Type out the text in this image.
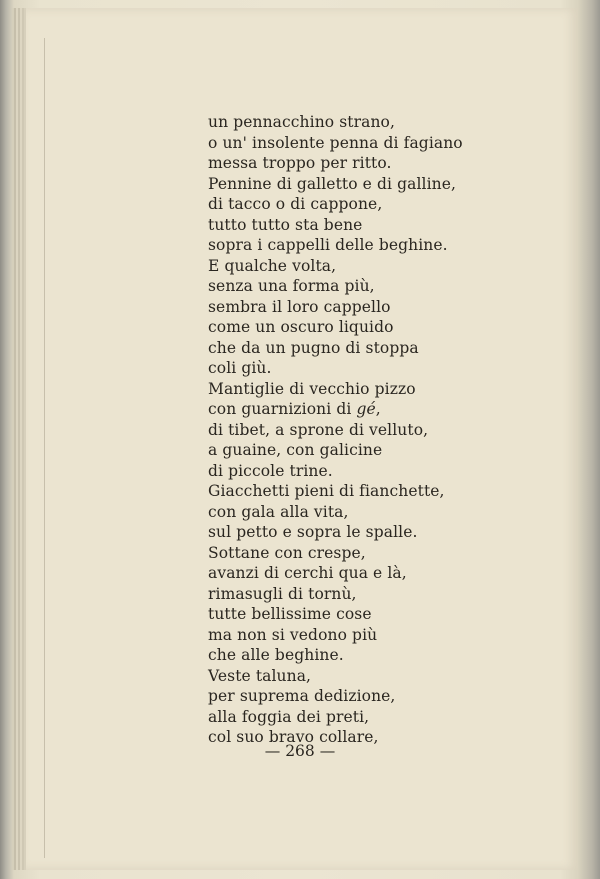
un pennacchino strano,
o un' insolente penna di fagiano
messa troppo per ritto.
Pennine di galletto e di galline,
di tacco o di cappone,
tutto tutto sta bene
sopra i cappelli delle beghine.
E qualche volta,
senza una forma più,
sembra il loro cappello
come un oscuro liquido
che da un pugno di stoppa
coli giù.
Mantiglie di vecchio pizzo
con guarnizioni di gé,
di tibet, a sprone di velluto,
a guaine, con galicine
di piccole trine.
Giacchetti pieni di fianchette,
con gala alla vita,
sul petto e sopra le spalle.
Sottane con crespe,
avanzi di cerchi qua e là,
rimasugli di tornù,
tutte bellissime cose
ma non si vedono più
che alle beghine.
Veste taluna,
per suprema dedizione,
alla foggia dei preti,
col suo bravo collare,
— 268 —
